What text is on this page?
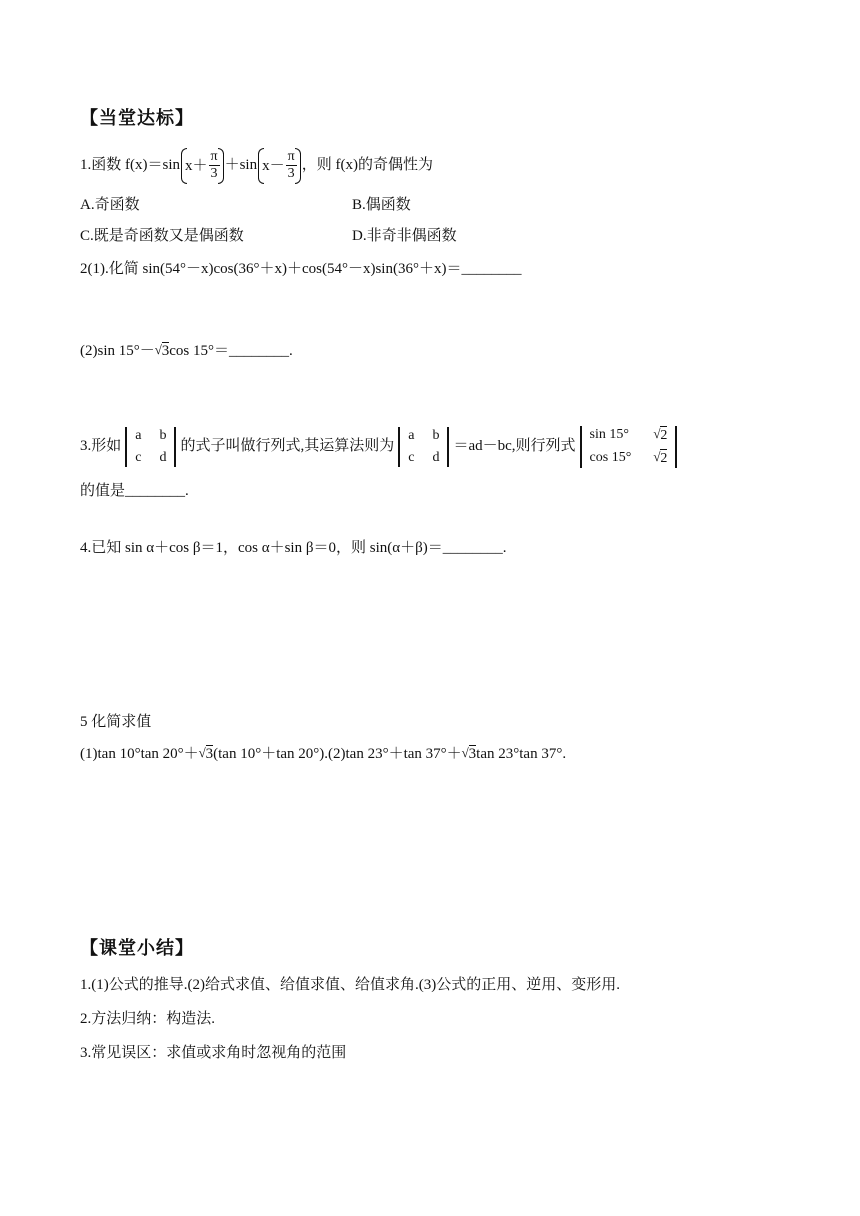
【当堂达标】
1.函数 f(x)＝sin $x+ \frac{\pi}{3} +\sin$ $x- \frac{\pi}{3}$ ，则 f(x)的奇偶性为
A.奇函数	B.偶函数
C.既是奇函数又是偶函数	D.非奇非偶函数
2(1).化简 sin(54°－x)cos(36°＋x)＋cos(54°－x)sin(36°＋x)＝________
(2)sin 15°－ √ 3cos 15°＝________.
3.形如
a b
c d
的式子叫做行列式,其运算法则为
a b
c d
＝ad－bc,则行列式
sin 15° √ 2
cos 15° √ 2
的值是________.
4.已知 sin α＋cos β＝1，cos α＋sin β＝0，则 sin(α＋β)＝________.
5 化简求值
(1)tan 10°tan 20°＋ √ 3(tan 10°＋tan 20°).(2)tan 23°＋tan 37°＋ √ 3tan 23°tan 37°.
【课堂小结】
1.(1)公式的推导.(2)给式求值、给值求值、给值求角.(3)公式的正用、逆用、变形用.
2.方法归纳：构造法.
3.常见误区：求值或求角时忽视角的范围
